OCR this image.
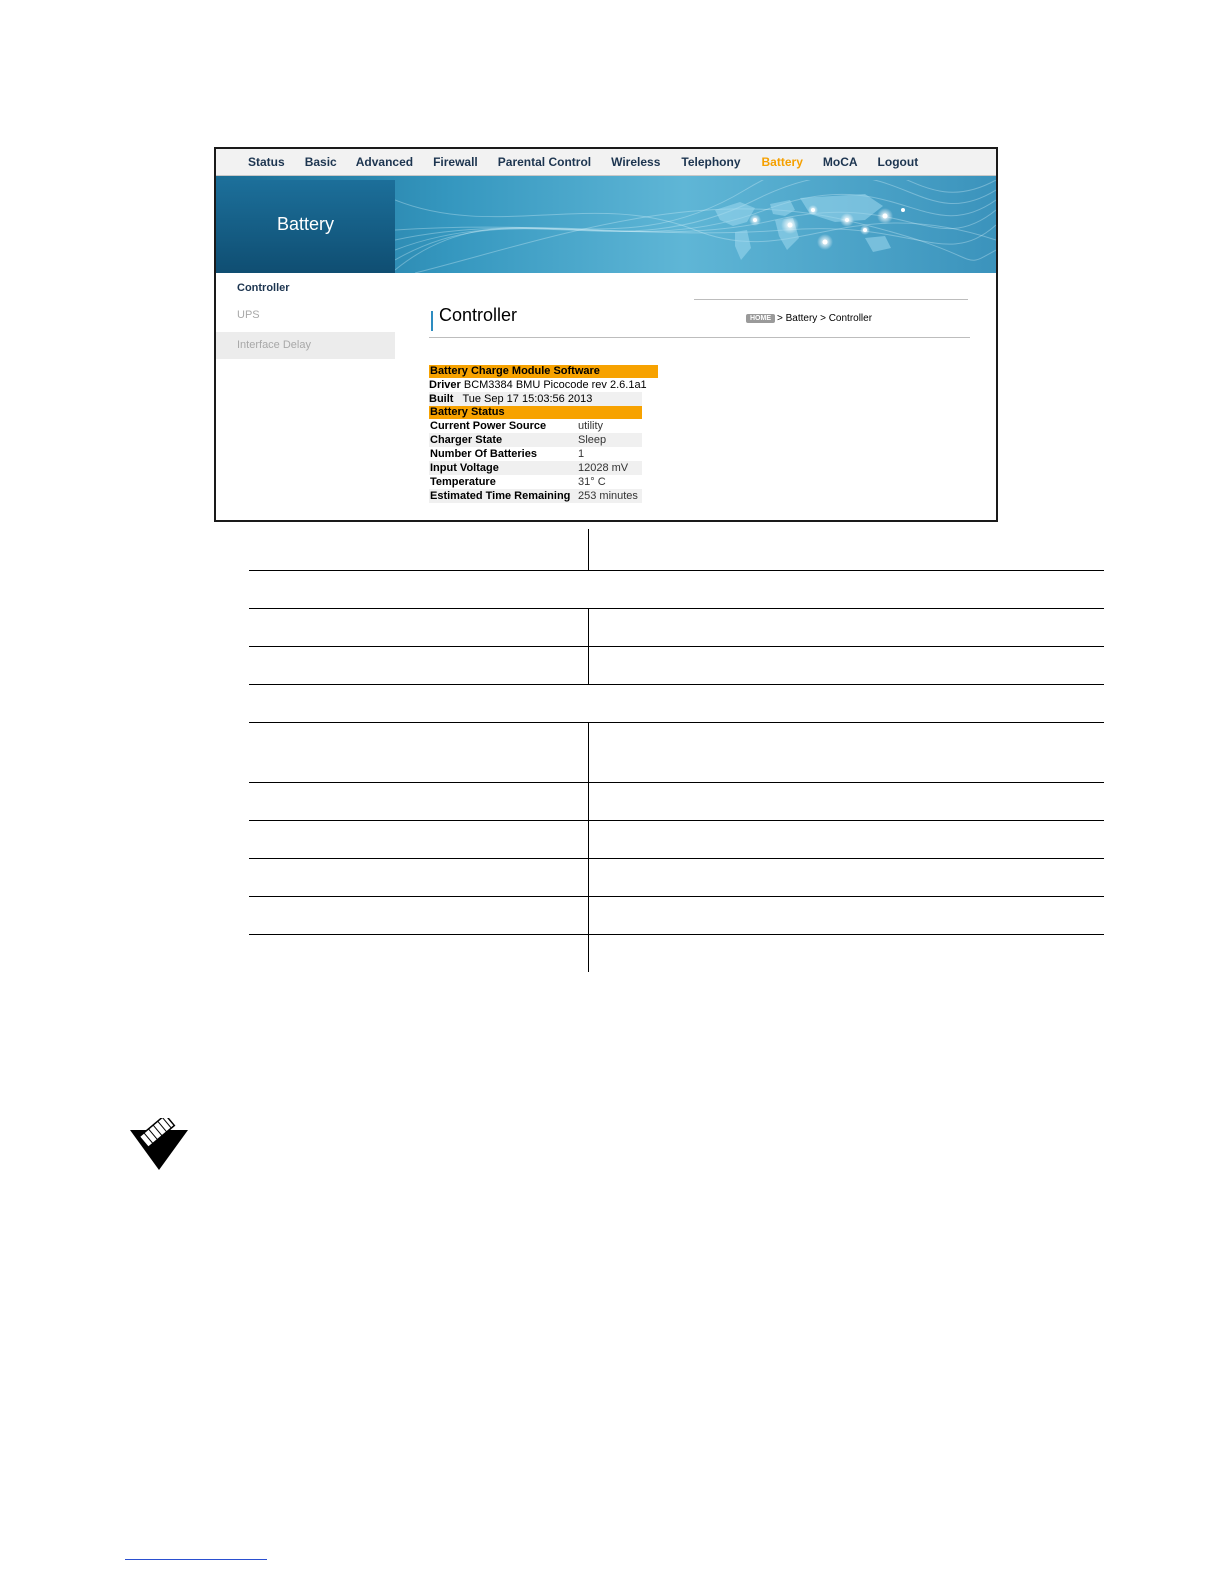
Status Basic Advanced Firewall Parental Control Wireless Telephony Battery MoCA Logout
Battery
Controller
UPS
Interface Delay
Controller	HOME > Battery > Controller
Battery Charge Module Software
Driver BCM3384 BMU Picocode rev 2.6.1a1
Built Tue Sep 17 15:03:56 2013
Battery Status
Current Power Source	utility
Charger State	Sleep
Number Of Batteries	1
Input Voltage	12028 mV
Temperature	31° C
Estimated Time Remaining 253 minutes
